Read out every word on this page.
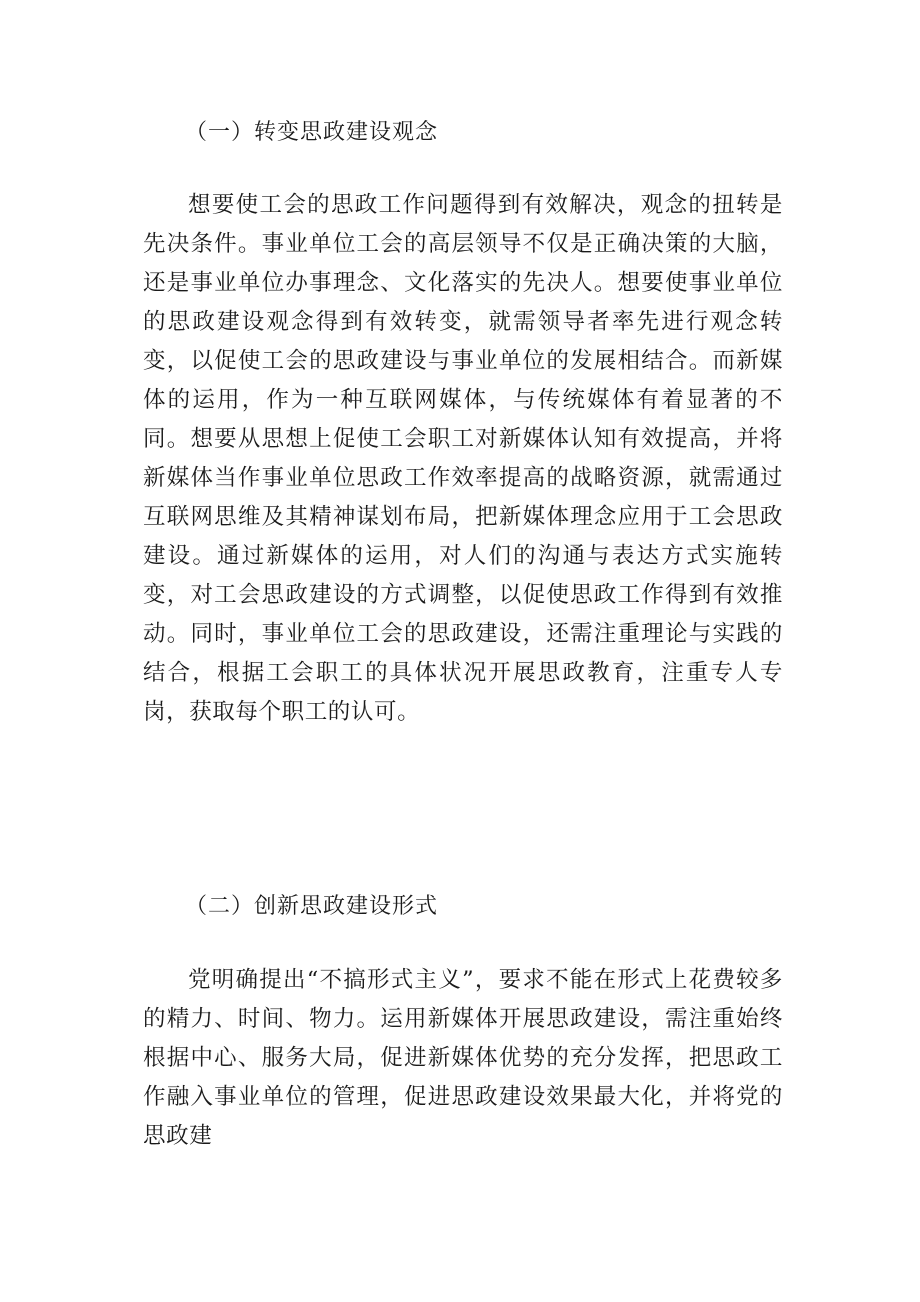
（一）转变思政建设观念

想要使工会的思政工作问题得到有效解决，观念的扭转是先决条件。事业单位工会的高层领导不仅是正确决策的大脑，还是事业单位办事理念、文化落实的先决人。想要使事业单位的思政建设观念得到有效转变，就需领导者率先进行观念转变，以促使工会的思政建设与事业单位的发展相结合。而新媒体的运用，作为一种互联网媒体，与传统媒体有着显著的不同。想要从思想上促使工会职工对新媒体认知有效提高，并将新媒体当作事业单位思政工作效率提高的战略资源，就需通过互联网思维及其精神谋划布局，把新媒体理念应用于工会思政建设。通过新媒体的运用，对人们的沟通与表达方式实施转变，对工会思政建设的方式调整，以促使思政工作得到有效推动。同时，事业单位工会的思政建设，还需注重理论与实践的结合，根据工会职工的具体状况开展思政教育，注重专人专岗，获取每个职工的认可。

（二）创新思政建设形式

党明确提出“不搞形式主义”，要求不能在形式上花费较多的精力、时间、物力。运用新媒体开展思政建设，需注重始终根据中心、服务大局，促进新媒体优势的充分发挥，把思政工作融入事业单位的管理，促进思政建设效果最大化，并将党的思政建
